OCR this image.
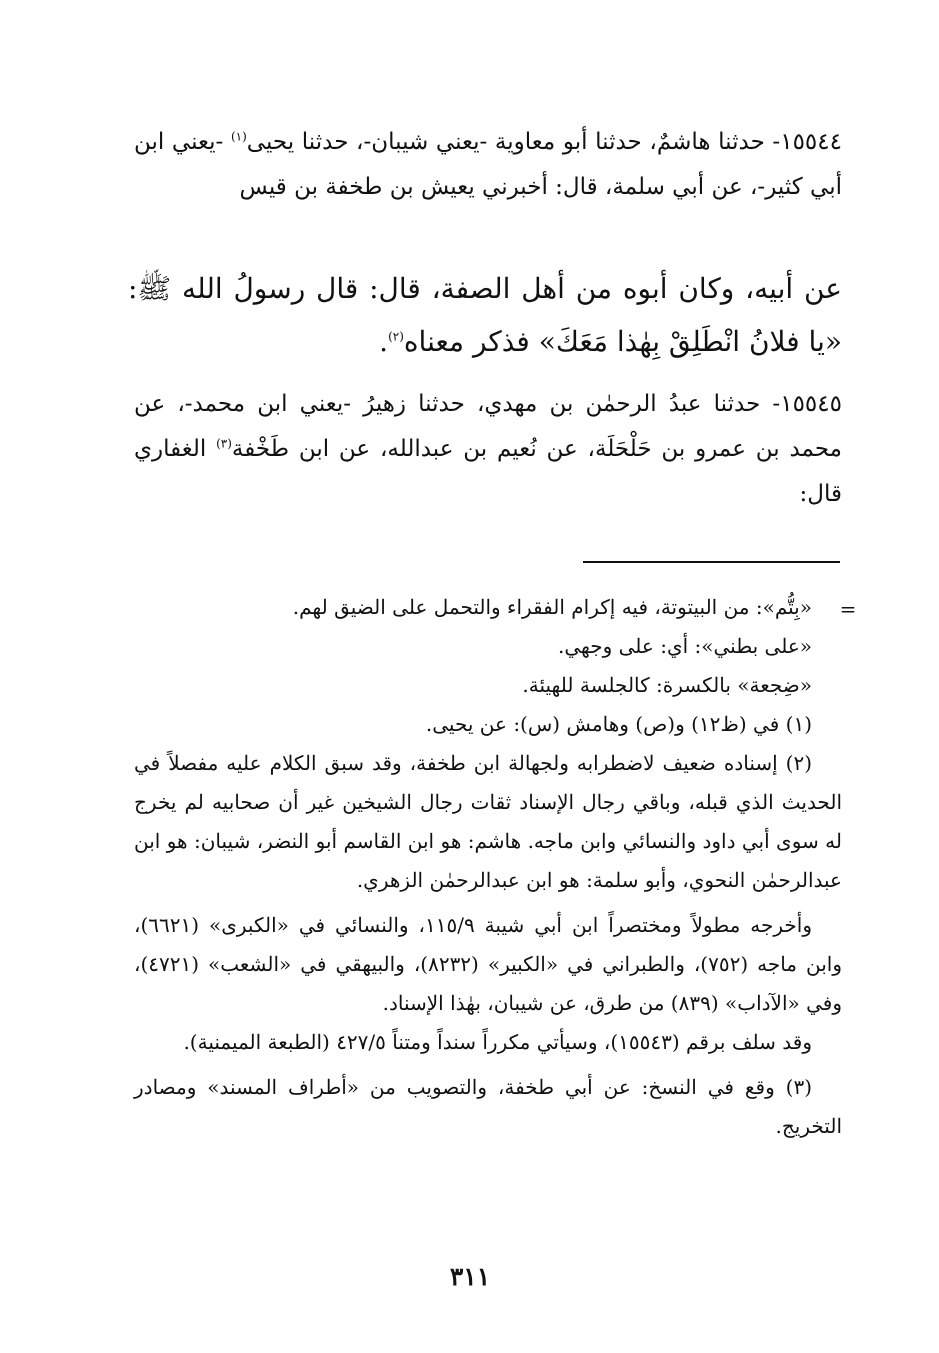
١٥٥٤٤- حدثنا هاشمٌ، حدثنا أبو معاوية -يعني شيبان-، حدثنا يحيى$^{(١)}$ -يعني ابن أبي كثير-، عن أبي سلمة، قال: أخبرني يعيش بن طخفة بن قيس
عن أبيه، وكان أبوه من أهل الصفة، قال: قال رسولُ الله ﷺ: «يا فلانُ انْطَلِقْ بِهٰذا مَعَكَ» فذكر معناه$^{(٢)}$.
١٥٥٤٥- حدثنا عبدُ الرحمٰن بن مهدي، حدثنا زهيرُ -يعني ابن محمد-، عن محمد بن عمرو بن حَلْحَلَة، عن نُعيم بن عبدالله، عن ابن طَخْفة$^{(٣)}$ الغفاري قال:
=

«بِتُّم»: من البيتوتة، فيه إكرام الفقراء والتحمل على الضيق لهم.

«على بطني»: أي: على وجهي.

«ضِجعة» بالكسرة: كالجلسة للهيئة.

(١) في (ظ١٢) و(ص) وهامش (س): عن يحيى.

(٢) إسناده ضعيف لاضطرابه ولجهالة ابن طخفة، وقد سبق الكلام عليه مفصلاً في الحديث الذي قبله، وباقي رجال الإسناد ثقات رجال الشيخين غير أن صحابيه لم يخرج له سوى أبي داود والنسائي وابن ماجه. هاشم: هو ابن القاسم أبو النضر، شيبان: هو ابن عبدالرحمٰن النحوي، وأبو سلمة: هو ابن عبدالرحمٰن الزهري.

وأخرجه مطولاً ومختصراً ابن أبي شيبة ١١٥/٩، والنسائي في «الكبرى» (٦٦٢١)، وابن ماجه (٧٥٢)، والطبراني في «الكبير» (٨٢٣٢)، والبيهقي في «الشعب» (٤٧٢١)، وفي «الآداب» (٨٣٩) من طرق، عن شيبان، بهٰذا الإسناد.

وقد سلف برقم (١٥٥٤٣)، وسيأتي مكرراً سنداً ومتناً ٤٢٧/٥ (الطبعة الميمنية).

(٣) وقع في النسخ: عن أبي طخفة، والتصويب من «أطراف المسند» ومصادر التخريج.

٣١١
